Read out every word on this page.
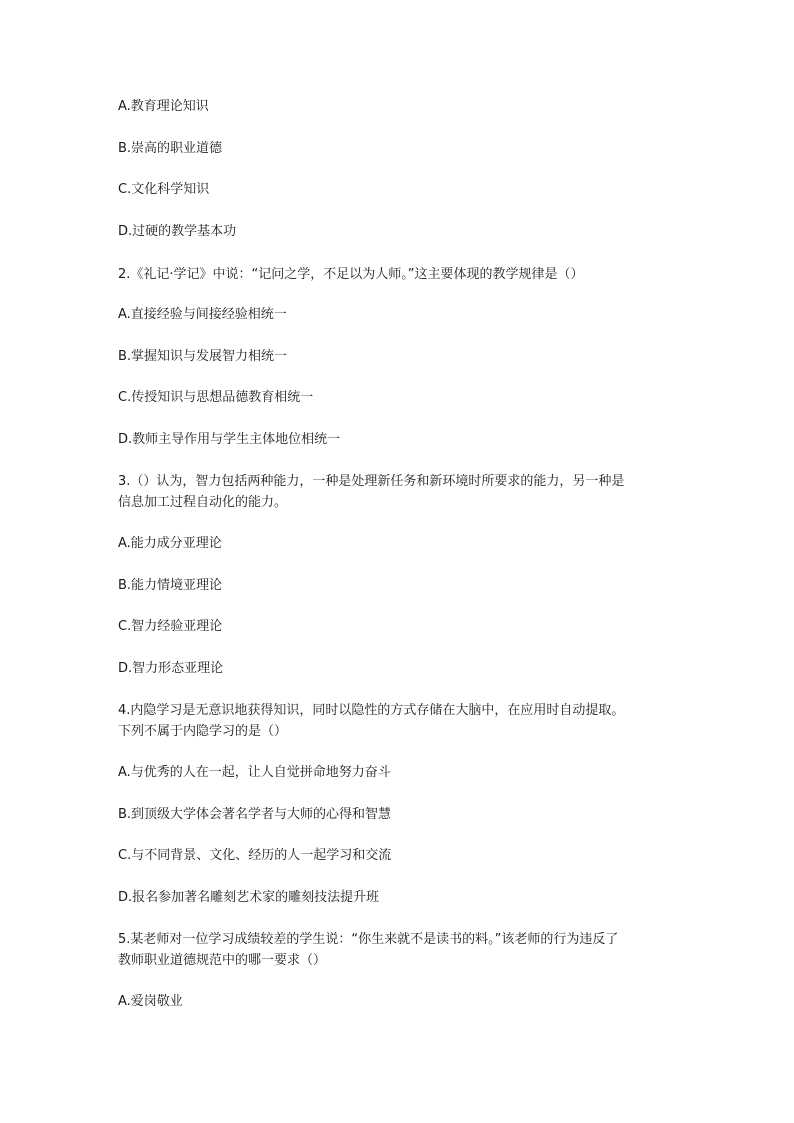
A.教育理论知识
B.崇高的职业道德
C.文化科学知识
D.过硬的教学基本功
2.《礼记·学记》中说：“记问之学，不足以为人师。”这主要体现的教学规律是（）
A.直接经验与间接经验相统一
B.掌握知识与发展智力相统一
C.传授知识与思想品德教育相统一
D.教师主导作用与学生主体地位相统一
3.（）认为，智力包括两种能力，一种是处理新任务和新环境时所要求的能力，另一种是
信息加工过程自动化的能力。
A.能力成分亚理论
B.能力情境亚理论
C.智力经验亚理论
D.智力形态亚理论
4.内隐学习是无意识地获得知识，同时以隐性的方式存储在大脑中，在应用时自动提取。
下列不属于内隐学习的是（）
A.与优秀的人在一起，让人自觉拼命地努力奋斗
B.到顶级大学体会著名学者与大师的心得和智慧
C.与不同背景、文化、经历的人一起学习和交流
D.报名参加著名雕刻艺术家的雕刻技法提升班
5.某老师对一位学习成绩较差的学生说：“你生来就不是读书的料。”该老师的行为违反了
教师职业道德规范中的哪一要求（）
A.爱岗敬业
